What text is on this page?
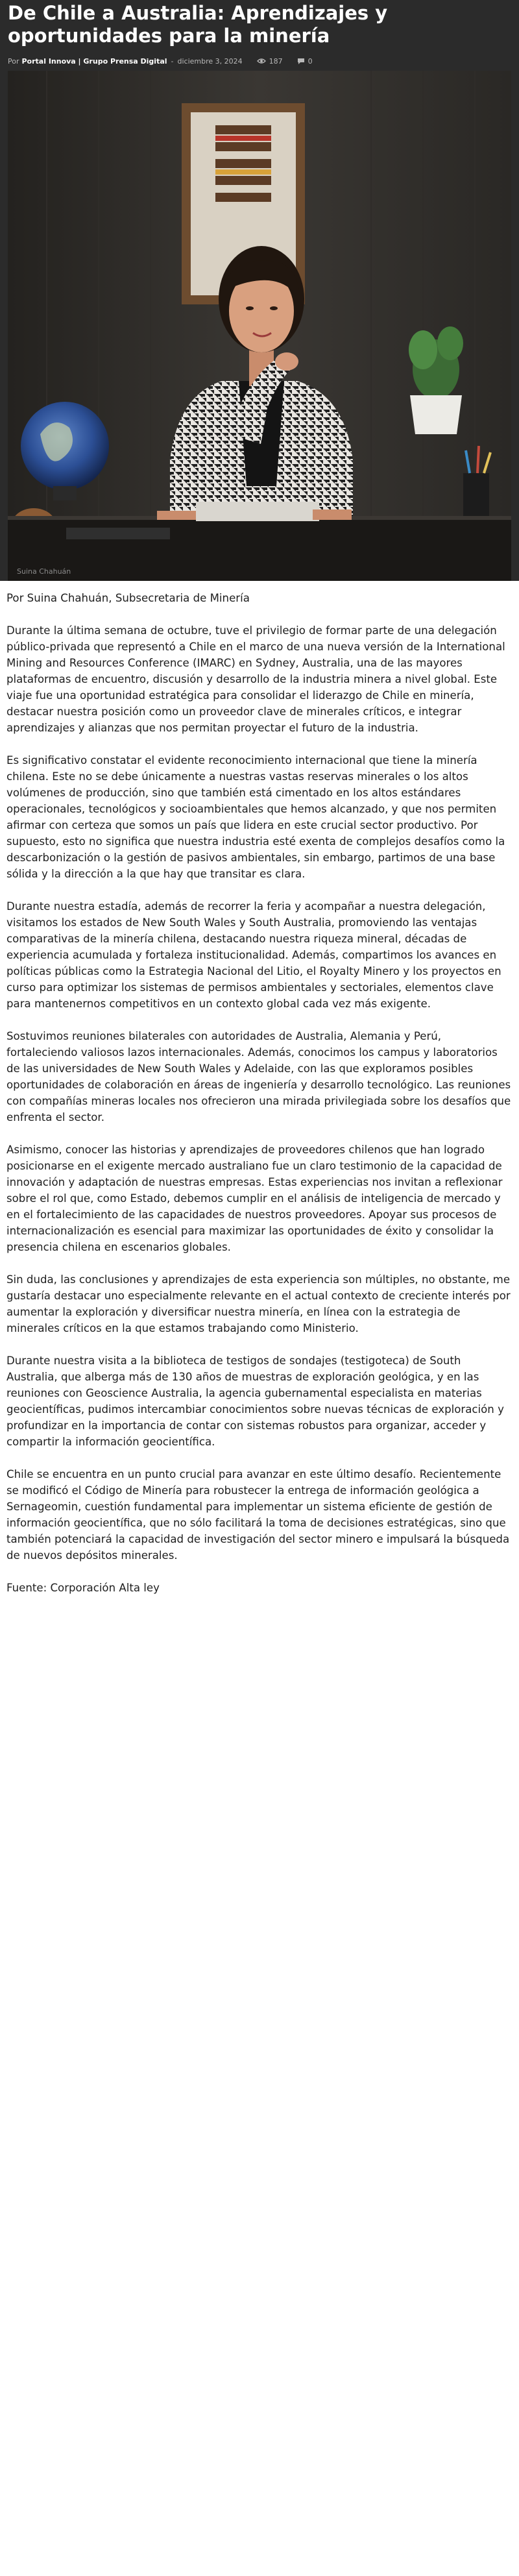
De Chile a Australia: Aprendizajes y oportunidades para la minería
Por Portal Innova | Grupo Prensa Digital - diciembre 3, 2024	187	0
Suina Chahuán

Por Suina Chahuán, Subsecretaria de Minería

Durante la última semana de octubre, tuve el privilegio de formar parte de una delegación público-privada que representó a Chile en el marco de una nueva versión de la International Mining and Resources Conference (IMARC) en Sydney, Australia, una de las mayores plataformas de encuentro, discusión y desarrollo de la industria minera a nivel global. Este viaje fue una oportunidad estratégica para consolidar el liderazgo de Chile en minería, destacar nuestra posición como un proveedor clave de minerales críticos, e integrar aprendizajes y alianzas que nos permitan proyectar el futuro de la industria.

Es significativo constatar el evidente reconocimiento internacional que tiene la minería chilena. Este no se debe únicamente a nuestras vastas reservas minerales o los altos volúmenes de producción, sino que también está cimentado en los altos estándares operacionales, tecnológicos y socioambientales que hemos alcanzado, y que nos permiten afirmar con certeza que somos un país que lidera en este crucial sector productivo. Por supuesto, esto no significa que nuestra industria esté exenta de complejos desafíos como la descarbonización o la gestión de pasivos ambientales, sin embargo, partimos de una base sólida y la dirección a la que hay que transitar es clara.

Durante nuestra estadía, además de recorrer la feria y acompañar a nuestra delegación, visitamos los estados de New South Wales y South Australia, promoviendo las ventajas comparativas de la minería chilena, destacando nuestra riqueza mineral, décadas de experiencia acumulada y fortaleza institucionalidad. Además, compartimos los avances en políticas públicas como la Estrategia Nacional del Litio, el Royalty Minero y los proyectos en curso para optimizar los sistemas de permisos ambientales y sectoriales, elementos clave para mantenernos competitivos en un contexto global cada vez más exigente.

Sostuvimos reuniones bilaterales con autoridades de Australia, Alemania y Perú, fortaleciendo valiosos lazos internacionales. Además, conocimos los campus y laboratorios de las universidades de New South Wales y Adelaide, con las que exploramos posibles oportunidades de colaboración en áreas de ingeniería y desarrollo tecnológico. Las reuniones con compañías mineras locales nos ofrecieron una mirada privilegiada sobre los desafíos que enfrenta el sector.

Asimismo, conocer las historias y aprendizajes de proveedores chilenos que han logrado posicionarse en el exigente mercado australiano fue un claro testimonio de la capacidad de innovación y adaptación de nuestras empresas. Estas experiencias nos invitan a reflexionar sobre el rol que, como Estado, debemos cumplir en el análisis de inteligencia de mercado y en el fortalecimiento de las capacidades de nuestros proveedores. Apoyar sus procesos de internacionalización es esencial para maximizar las oportunidades de éxito y consolidar la presencia chilena en escenarios globales.

Sin duda, las conclusiones y aprendizajes de esta experiencia son múltiples, no obstante, me gustaría destacar uno especialmente relevante en el actual contexto de creciente interés por aumentar la exploración y diversificar nuestra minería, en línea con la estrategia de minerales críticos en la que estamos trabajando como Ministerio.

Durante nuestra visita a la biblioteca de testigos de sondajes (testigoteca) de South Australia, que alberga más de 130 años de muestras de exploración geológica, y en las reuniones con Geoscience Australia, la agencia gubernamental especialista en materias geocientíficas, pudimos intercambiar conocimientos sobre nuevas técnicas de exploración y profundizar en la importancia de contar con sistemas robustos para organizar, acceder y compartir la información geocientífica.

Chile se encuentra en un punto crucial para avanzar en este último desafío. Recientemente se modificó el Código de Minería para robustecer la entrega de información geológica a Sernageomin, cuestión fundamental para implementar un sistema eficiente de gestión de información geocientífica, que no sólo facilitará la toma de decisiones estratégicas, sino que también potenciará la capacidad de investigación del sector minero e impulsará la búsqueda de nuevos depósitos minerales.

Fuente: Corporación Alta ley
